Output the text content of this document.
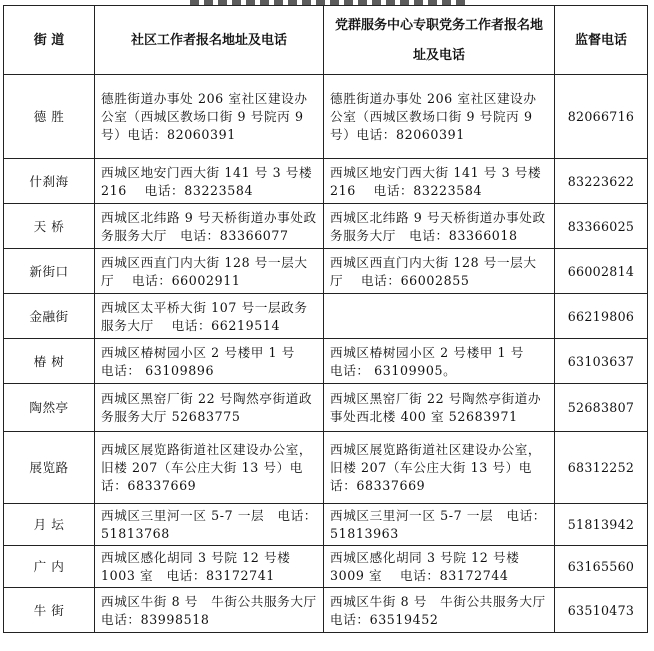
街 道	社区工作者报名地址及电话	党群服务中心专职党务工作者报名地址及电话	监督电话
德 胜	德胜街道办事处 206 室社区建设办公室（西城区教场口街 9 号院丙 9 号）电话：82060391	德胜街道办事处 206 室社区建设办公室（西城区教场口街 9 号院丙 9 号）电话：82060391	82066716
什刹海	西城区地安门西大街 141 号 3 号楼 216　 电话：83223584	西城区地安门西大街 141 号 3 号楼 216　 电话：83223584	83223622
天 桥	西城区北纬路 9 号天桥街道办事处政务服务大厅　电话：83366077	西城区北纬路 9 号天桥街道办事处政务服务大厅　电话：83366018	83366025
新街口	西城区西直门内大街 128 号一层大厅　 电话：66002911	西城区西直门内大街 128 号一层大厅　 电话：66002855	66002814
金融街	西城区太平桥大街 107 号一层政务服务大厅　 电话：66219514		66219806
椿 树	西城区椿树园小区 2 号楼甲 1 号　 电话： 63109896	西城区椿树园小区 2 号楼甲 1 号　 电话： 63109905。	63103637
陶然亭	西城区黑窑厂街 22 号陶然亭街道政务服务大厅 52683775	西城区黑窑厂街 22 号陶然亭街道办事处西北楼 400 室 52683971	52683807
展览路	西城区展览路街道社区建设办公室，旧楼 207（车公庄大街 13 号）电话：68337669	西城区展览路街道社区建设办公室，旧楼 207（车公庄大街 13 号）电话：68337669	68312252
月 坛	西城区三里河一区 5-7 一层　电话：51813768	西城区三里河一区 5-7 一层　电话：51813963	51813942
广 内	西城区感化胡同 3 号院 12 号楼 1003 室　电话：83172741	西城区感化胡同 3 号院 12 号楼 3009 室　 电话：83172744	63165560
牛 街	西城区牛街 8 号　牛街公共服务大厅　电话：83998518	西城区牛街 8 号　牛街公共服务大厅　电话：63519452	63510473
